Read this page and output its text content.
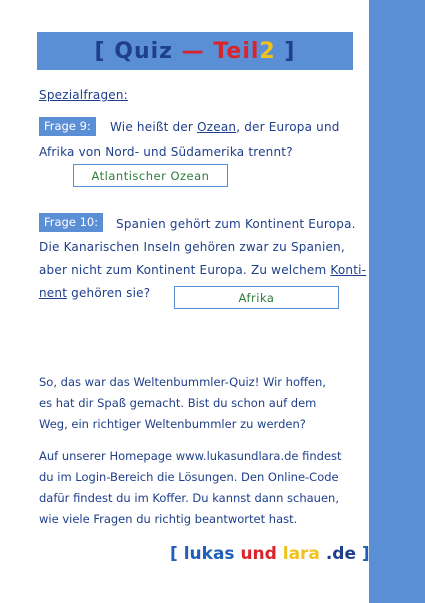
[ Quiz — Teil 2 ]
Spezialfragen:
Frage 9:	Wie heißt der Ozean, der Europa und
Afrika von Nord- und Südamerika trennt?
Atlantischer Ozean
Frage 10:	Spanien gehört zum Kontinent Europa.
Die Kanarischen Inseln gehören zwar zu Spanien,
aber nicht zum Kontinent Europa. Zu welchem Konti-
nent gehören sie?	Afrika
So, das war das Weltenbummler-Quiz! Wir hoffen,
es hat dir Spaß gemacht. Bist du schon auf dem
Weg, ein richtiger Weltenbummler zu werden?
Auf unserer Homepage www.lukasundlara.de findest
du im Login-Bereich die Lösungen. Den Online-Code
dafür findest du im Koffer. Du kannst dann schauen,
wie viele Fragen du richtig beantwortet hast.
[ lukas und lara .de ]
